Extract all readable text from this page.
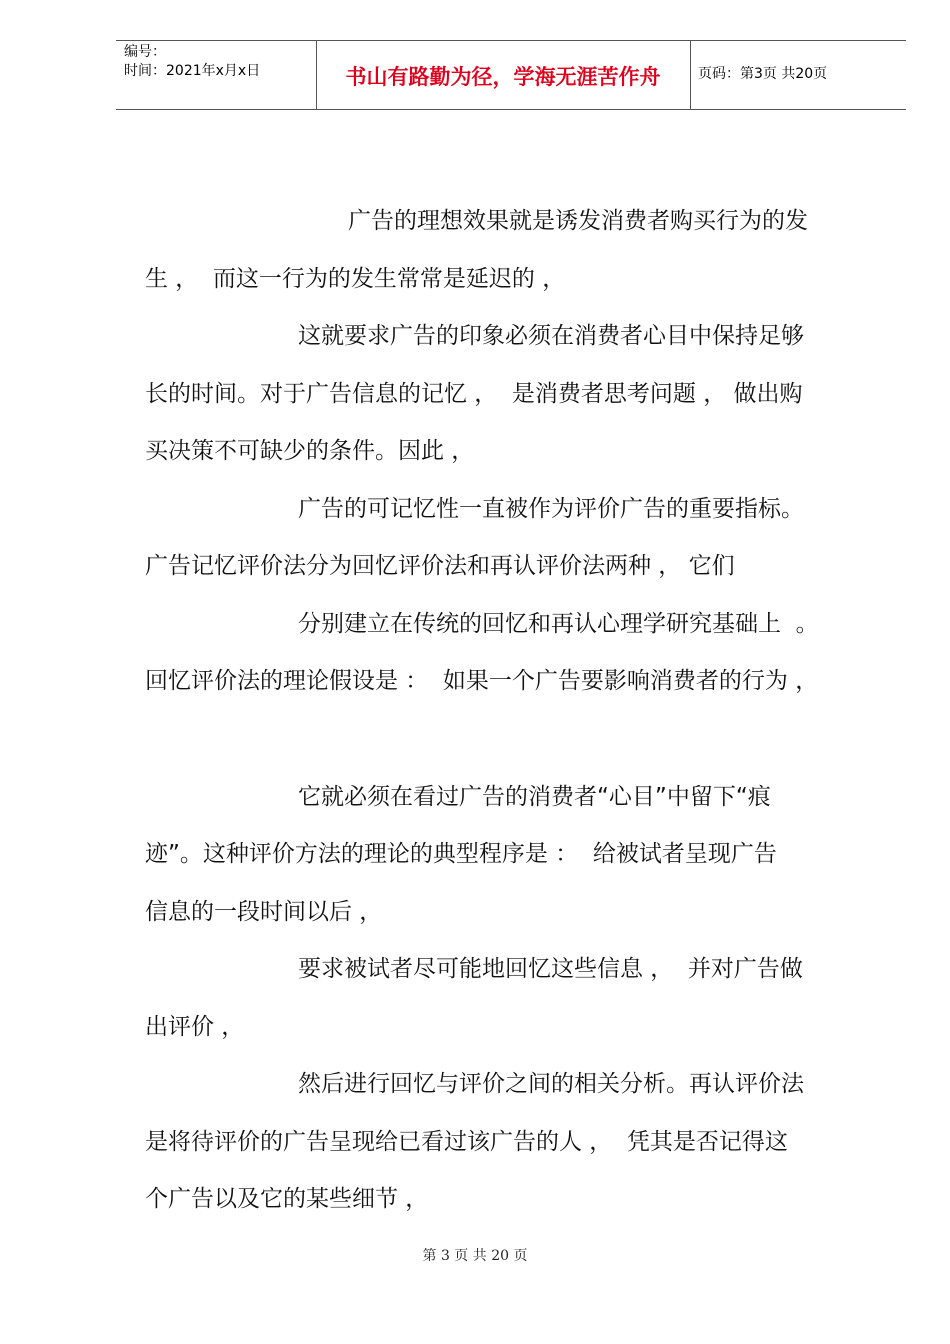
编号：
时间：2021年x月x日	书山有路勤为径，学海无涯苦作舟	页码：第3页 共20页
广告的理想效果就是诱发消费者购买行为的发
生 ，  而这一行为的发生常常是延迟的 ，
这就要求广告的印象必须在消费者心目中保持足够
长的时间。对于广告信息的记忆 ，  是消费者思考问题 ， 做出购
买决策不可缺少的条件。因此 ，
广告的可记忆性一直被作为评价广告的重要指标。
广告记忆评价法分为回忆评价法和再认评价法两种 ， 它们
分别建立在传统的回忆和再认心理学研究基础上  。
回忆评价法的理论假设是 ：  如果一个广告要影响消费者的行为 ，
它就必须在看过广告的消费者“心目”中留下“痕
迹”。这种评价方法的理论的典型程序是 ：  给被试者呈现广告
信息的一段时间以后 ，
要求被试者尽可能地回忆这些信息 ，  并对广告做
出评价 ，
然后进行回忆与评价之间的相关分析。再认评价法
是将待评价的广告呈现给已看过该广告的人 ，  凭其是否记得这
个广告以及它的某些细节 ，
第 3 页 共 20 页
